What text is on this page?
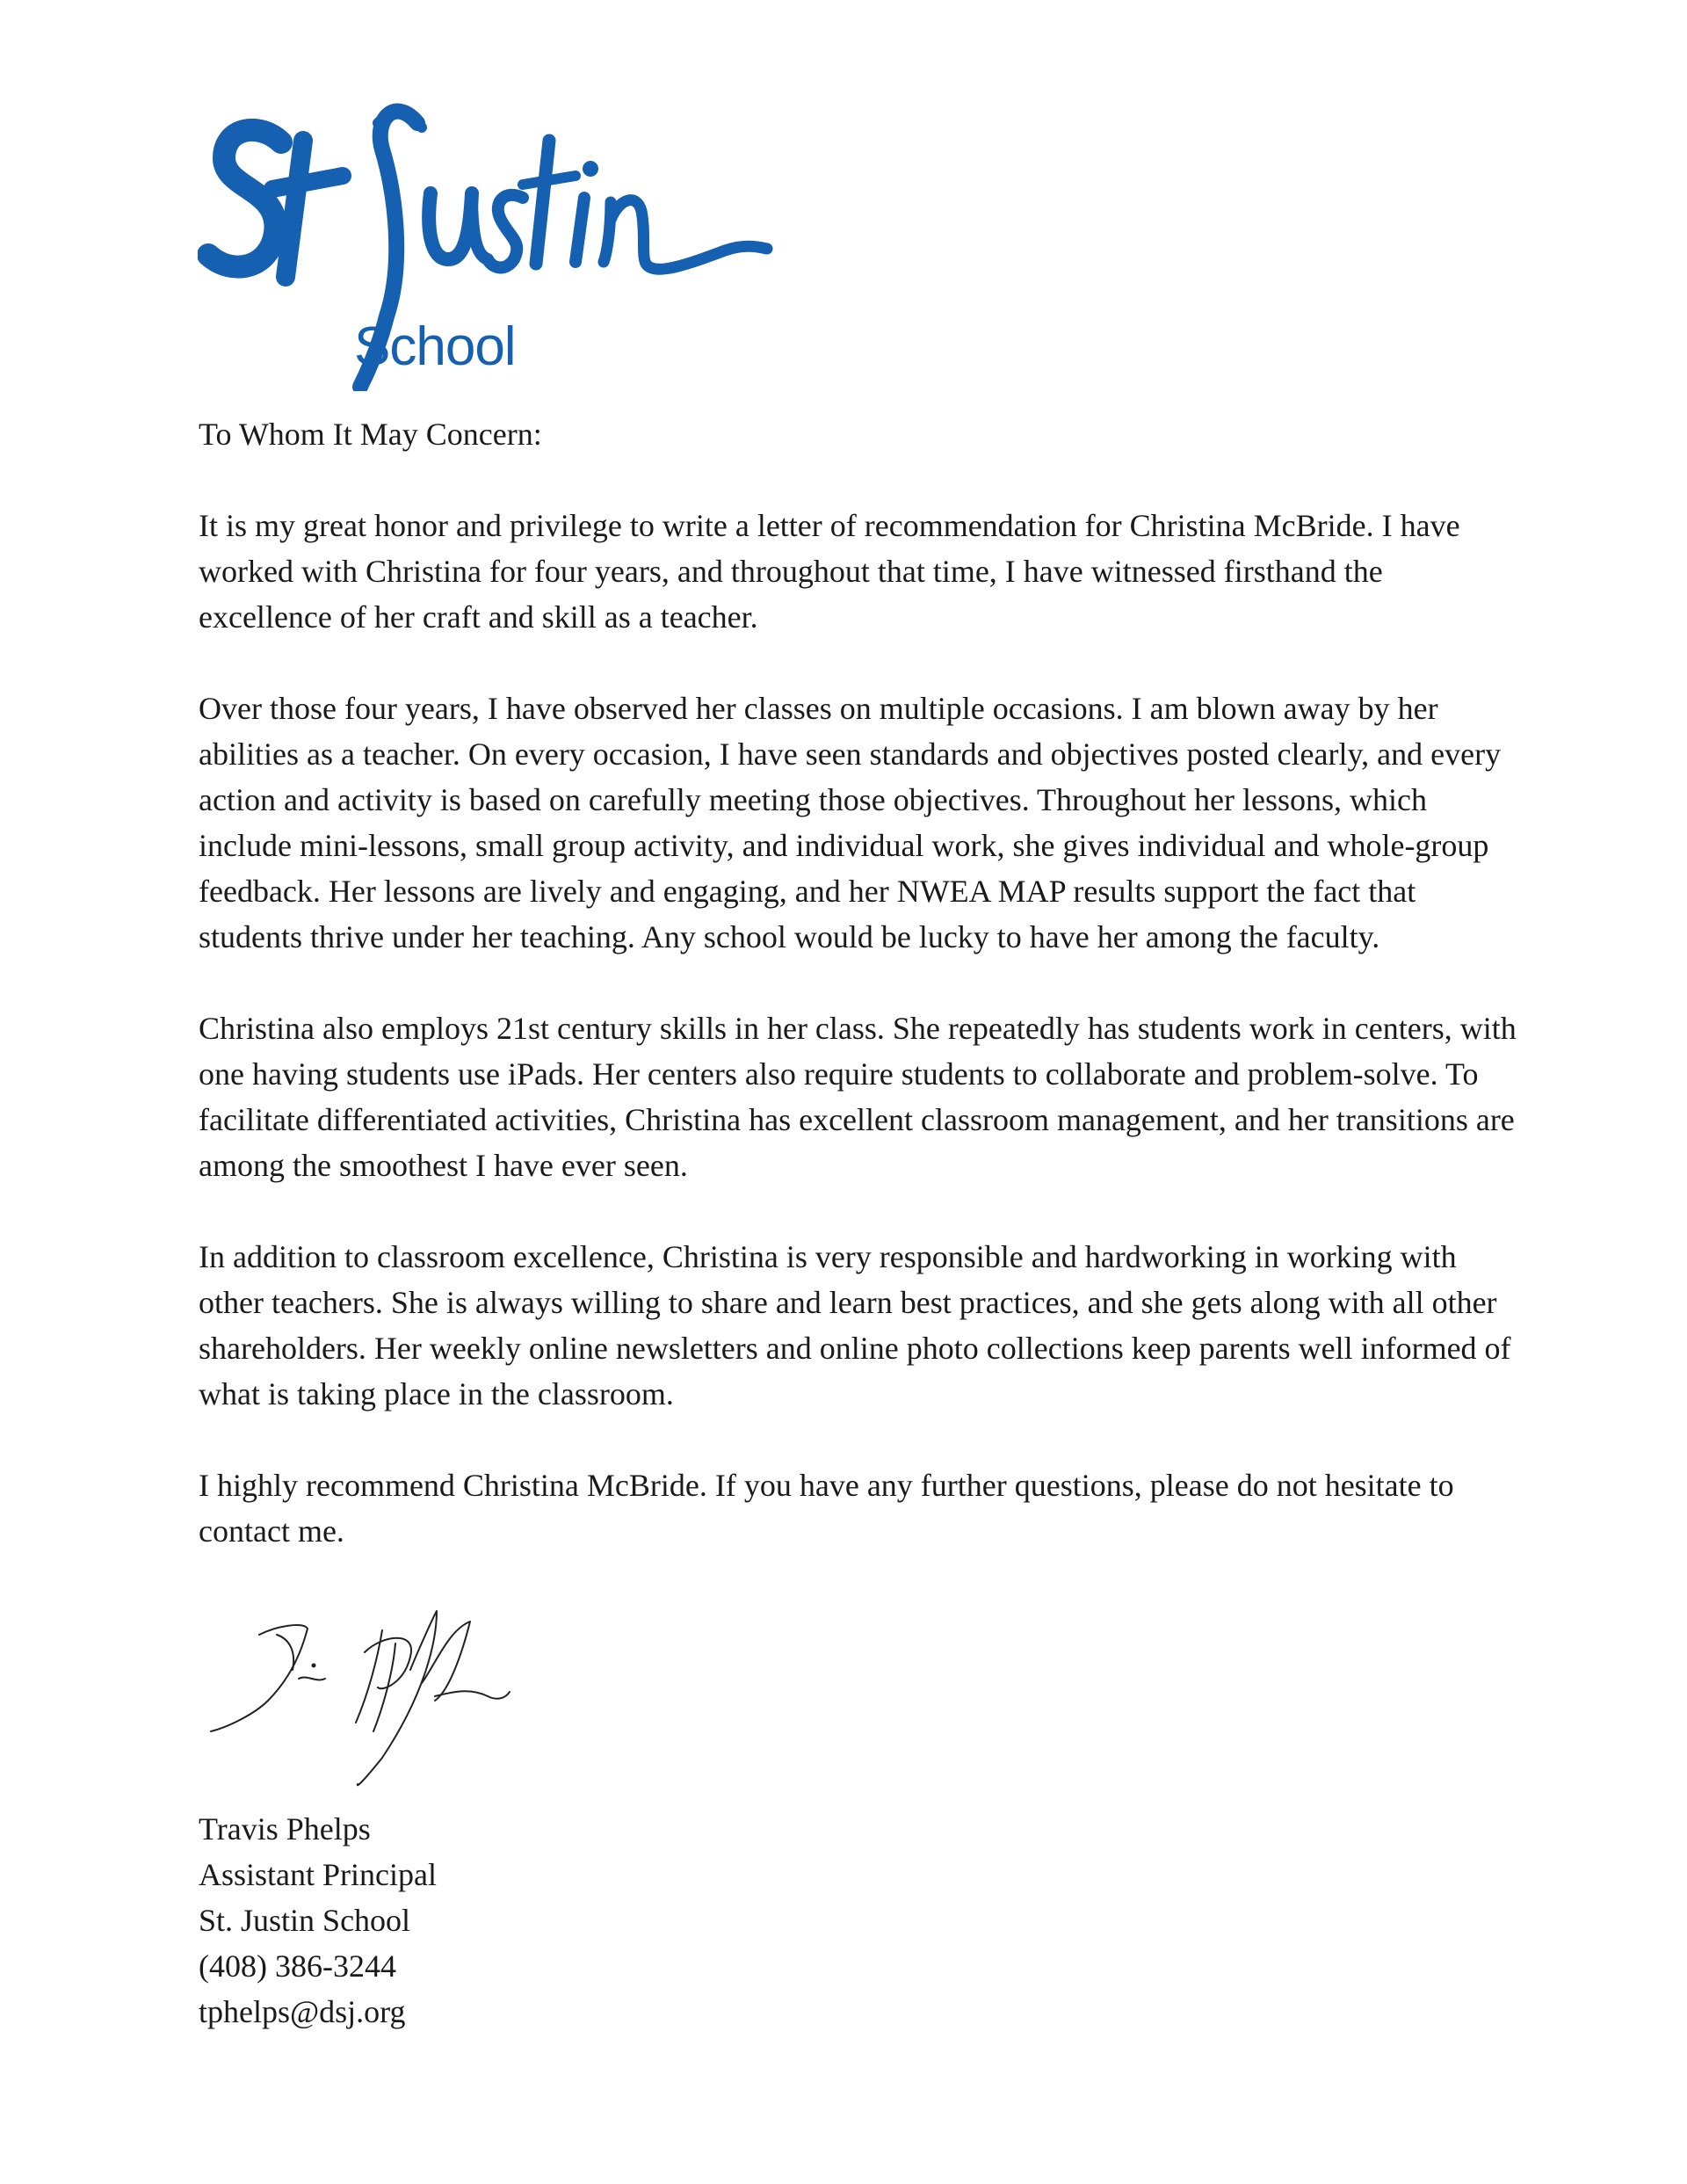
School

To Whom It May Concern:

It is my great honor and privilege to write a letter of recommendation for Christina McBride. I have worked with Christina for four years, and throughout that time, I have witnessed firsthand the excellence of her craft and skill as a teacher.

Over those four years, I have observed her classes on multiple occasions. I am blown away by her abilities as a teacher. On every occasion, I have seen standards and objectives posted clearly, and every action and activity is based on carefully meeting those objectives. Throughout her lessons, which include mini-lessons, small group activity, and individual work, she gives individual and whole-group feedback. Her lessons are lively and engaging, and her NWEA MAP results support the fact that students thrive under her teaching. Any school would be lucky to have her among the faculty.

Christina also employs 21st century skills in her class. She repeatedly has students work in centers, with one having students use iPads. Her centers also require students to collaborate and problem-solve. To facilitate differentiated activities, Christina has excellent classroom management, and her transitions are among the smoothest I have ever seen.

In addition to classroom excellence, Christina is very responsible and hardworking in working with other teachers. She is always willing to share and learn best practices, and she gets along with all other shareholders. Her weekly online newsletters and online photo collections keep parents well informed of what is taking place in the classroom.

I highly recommend Christina McBride. If you have any further questions, please do not hesitate to contact me.

Travis Phelps
Assistant Principal
St. Justin School
(408) 386-3244
tphelps@dsj.org
